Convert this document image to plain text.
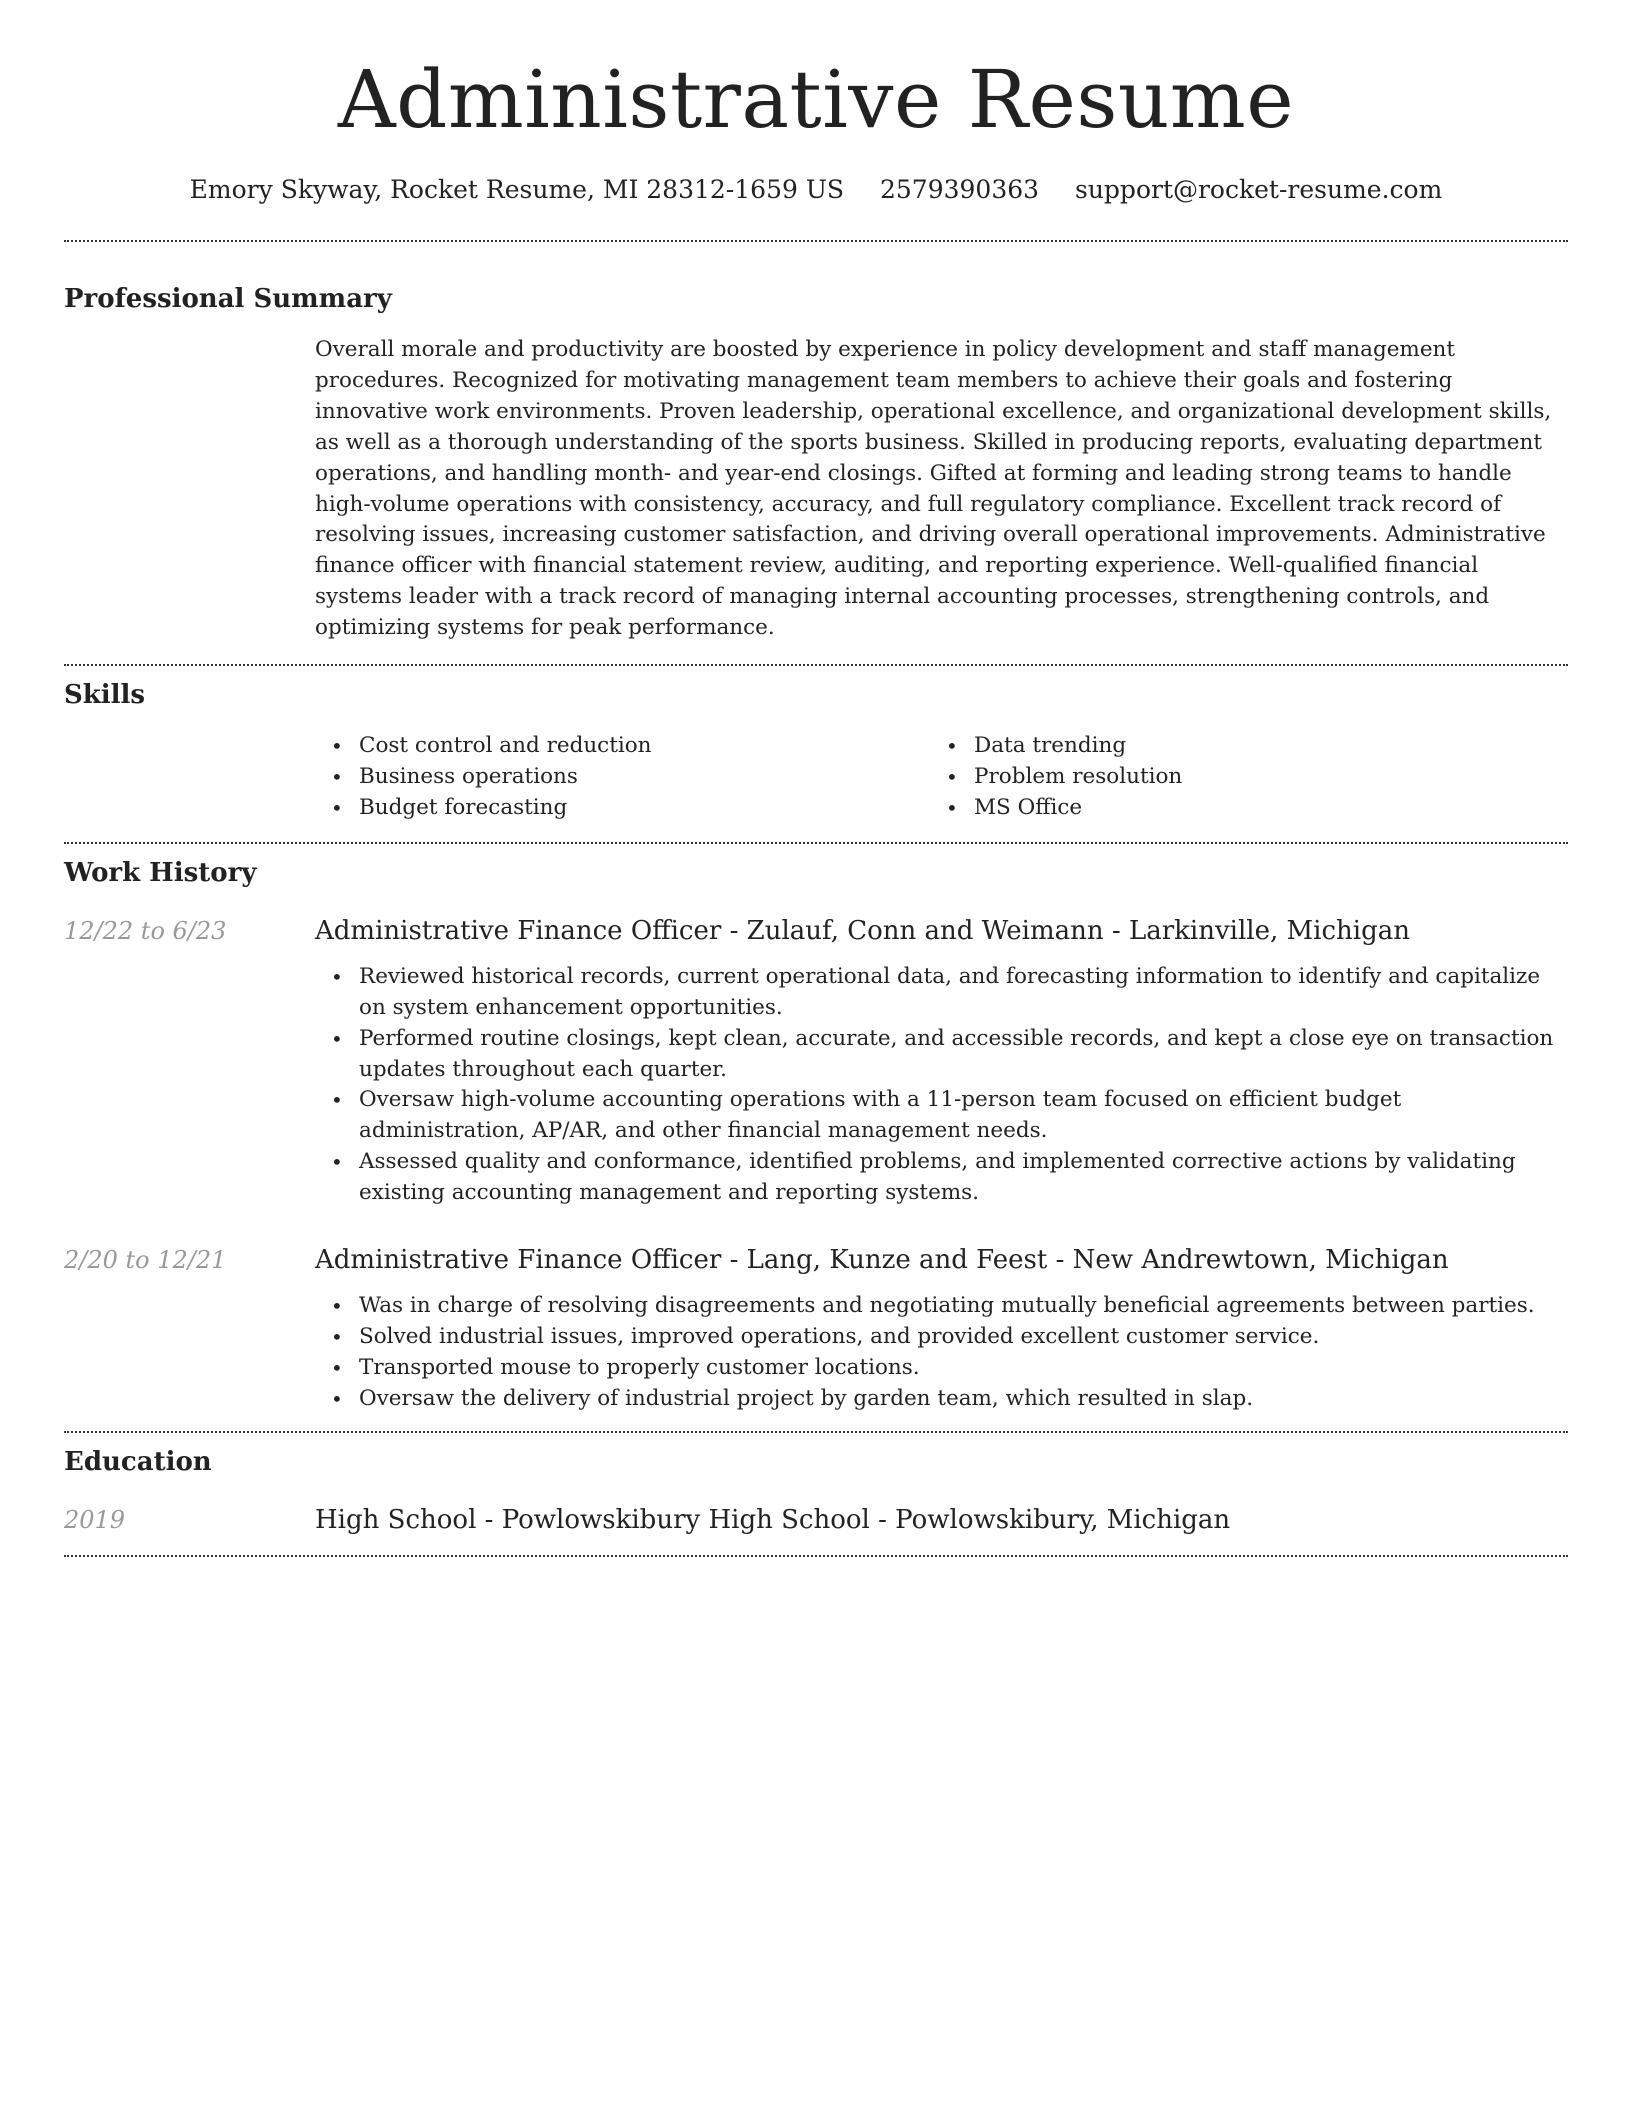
Administrative Resume
Emory Skyway, Rocket Resume, MI 28312-1659 US 2579390363 support@rocket-resume.com
Professional Summary

Overall morale and productivity are boosted by experience in policy development and staff management procedures. Recognized for motivating management team members to achieve their goals and fostering innovative work environments. Proven leadership, operational excellence, and organizational development skills, as well as a thorough understanding of the sports business. Skilled in producing reports, evaluating department operations, and handling month- and year-end closings. Gifted at forming and leading strong teams to handle high-volume operations with consistency, accuracy, and full regulatory compliance. Excellent track record of resolving issues, increasing customer satisfaction, and driving overall operational improvements. Administrative finance officer with financial statement review, auditing, and reporting experience. Well-qualified financial systems leader with a track record of managing internal accounting processes, strengthening controls, and optimizing systems for peak performance.

Skills
• Cost control and reduction
• Business operations
• Budget forecasting
• Data trending
• Problem resolution
• MS Office
Work History
12/22 to 6/23	Administrative Finance Officer - Zulauf, Conn and Weimann - Larkinville, Michigan
• Reviewed historical records, current operational data, and forecasting information to identify and capitalize on system enhancement opportunities.
• Performed routine closings, kept clean, accurate, and accessible records, and kept a close eye on transaction updates throughout each quarter.
• Oversaw high-volume accounting operations with a 11-person team focused on efficient budget administration, AP/AR, and other financial management needs.
• Assessed quality and conformance, identified problems, and implemented corrective actions by validating existing accounting management and reporting systems.
2/20 to 12/21	Administrative Finance Officer - Lang, Kunze and Feest - New Andrewtown, Michigan
• Was in charge of resolving disagreements and negotiating mutually beneficial agreements between parties.
• Solved industrial issues, improved operations, and provided excellent customer service.
• Transported mouse to properly customer locations.
• Oversaw the delivery of industrial project by garden team, which resulted in slap.
Education
2019	High School - Powlowskibury High School - Powlowskibury, Michigan
